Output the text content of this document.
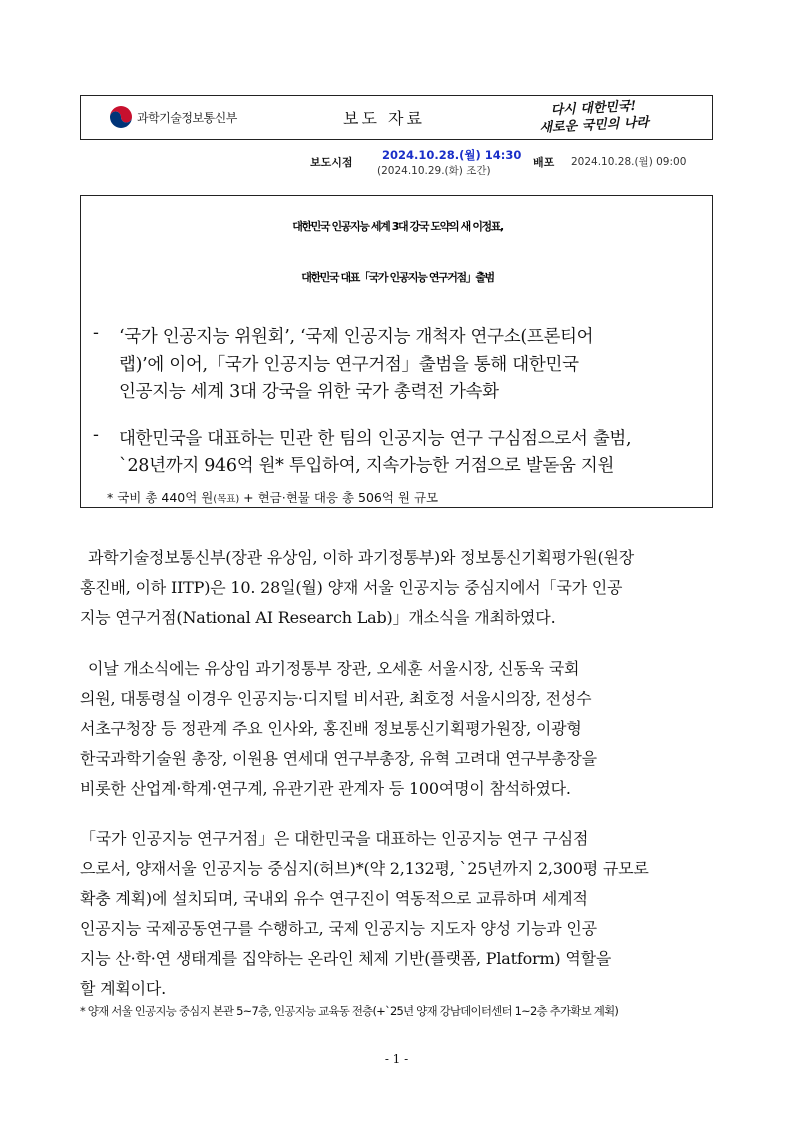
과학기술정보통신부	보도 자료
다시 대한민국!
새로운 국민의 나라
보도시점
2024.10.28.(월) 14:30
(2024.10.29.(화) 조간)
배포 2024.10.28.(월) 09:00
대한민국 인공지능 세계 3대 강국 도약의 새 이정표,
대한민국 대표「국가 인공지능 연구거점」출범
- ‘국가 인공지능 위원회’, ‘국제 인공지능 개척자 연구소(프론티어
랩)’에 이어,「국가 인공지능 연구거점」출범을 통해 대한민국
인공지능 세계 3대 강국을 위한 국가 총력전 가속화
- 대한민국을 대표하는 민관 한 팀의 인공지능 연구 구심점으로서 출범,
`28년까지 946억 원* 투입하여, 지속가능한 거점으로 발돋움 지원
* 국비 총 440억 원(목표) + 현금·현물 대응 총 506억 원 규모
과학기술정보통신부(장관 유상임, 이하 과기정통부)와 정보통신기획평가원(원장
홍진배, 이하 IITP)은 10. 28일(월) 양재 서울 인공지능 중심지에서「국가 인공
지능 연구거점(National AI Research Lab)」개소식을 개최하였다.
이날 개소식에는 유상임 과기정통부 장관, 오세훈 서울시장, 신동욱 국회
의원, 대통령실 이경우 인공지능·디지털 비서관, 최호정 서울시의장, 전성수
서초구청장 등 정관계 주요 인사와, 홍진배 정보통신기획평가원장, 이광형
한국과학기술원 총장, 이원용 연세대 연구부총장, 유혁 고려대 연구부총장을
비롯한 산업계·학계·연구계, 유관기관 관계자 등 100여명이 참석하였다.
「국가 인공지능 연구거점」은 대한민국을 대표하는 인공지능 연구 구심점
으로서, 양재서울 인공지능 중심지(허브)*(약 2,132평, `25년까지 2,300평 규모로
확충 계획)에 설치되며, 국내외 유수 연구진이 역동적으로 교류하며 세계적
인공지능 국제공동연구를 수행하고, 국제 인공지능 지도자 양성 기능과 인공
지능 산·학·연 생태계를 집약하는 온라인 체제 기반(플랫폼, Platform) 역할을
할 계획이다.
* 양재 서울 인공지능 중심지 본관 5~7층, 인공지능 교육동 전층(+`25년 양재 강남데이터센터 1~2층 추가확보 계획)
- 1 -
